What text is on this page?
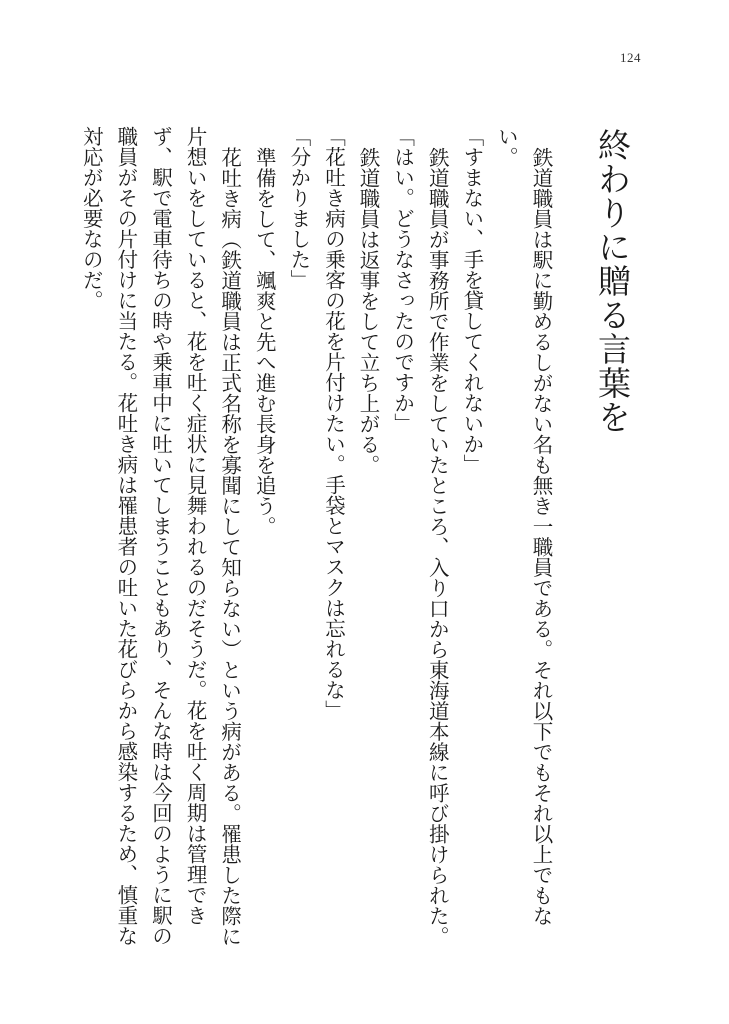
124
終わりに贈る言葉を

鉄道職員は駅に勤めるしがない名も無き一職員である。それ以下でもそれ以上でもない。

「すまない、手を貸してくれないか」

鉄道職員が事務所で作業をしていたところ、入り口から東海道本線に呼び掛けられた。

「はい。どうなさったのですか」

鉄道職員は返事をして立ち上がる。

「花吐き病の乗客の花を片付けたい。手袋とマスクは忘れるな」

「分かりました」

準備をして、颯爽と先へ進む長身を追う。

花吐き病（鉄道職員は正式名称を寡聞にして知らない）という病がある。罹患した際に片想いをしていると、花を吐く症状に見舞われるのだそうだ。花を吐く周期は管理できず、駅で電車待ちの時や乗車中に吐いてしまうこともあり、そんな時は今回のように駅の職員がその片付けに当たる。花吐き病は罹患者の吐いた花びらから感染するため、慎重な対応が必要なのだ。
